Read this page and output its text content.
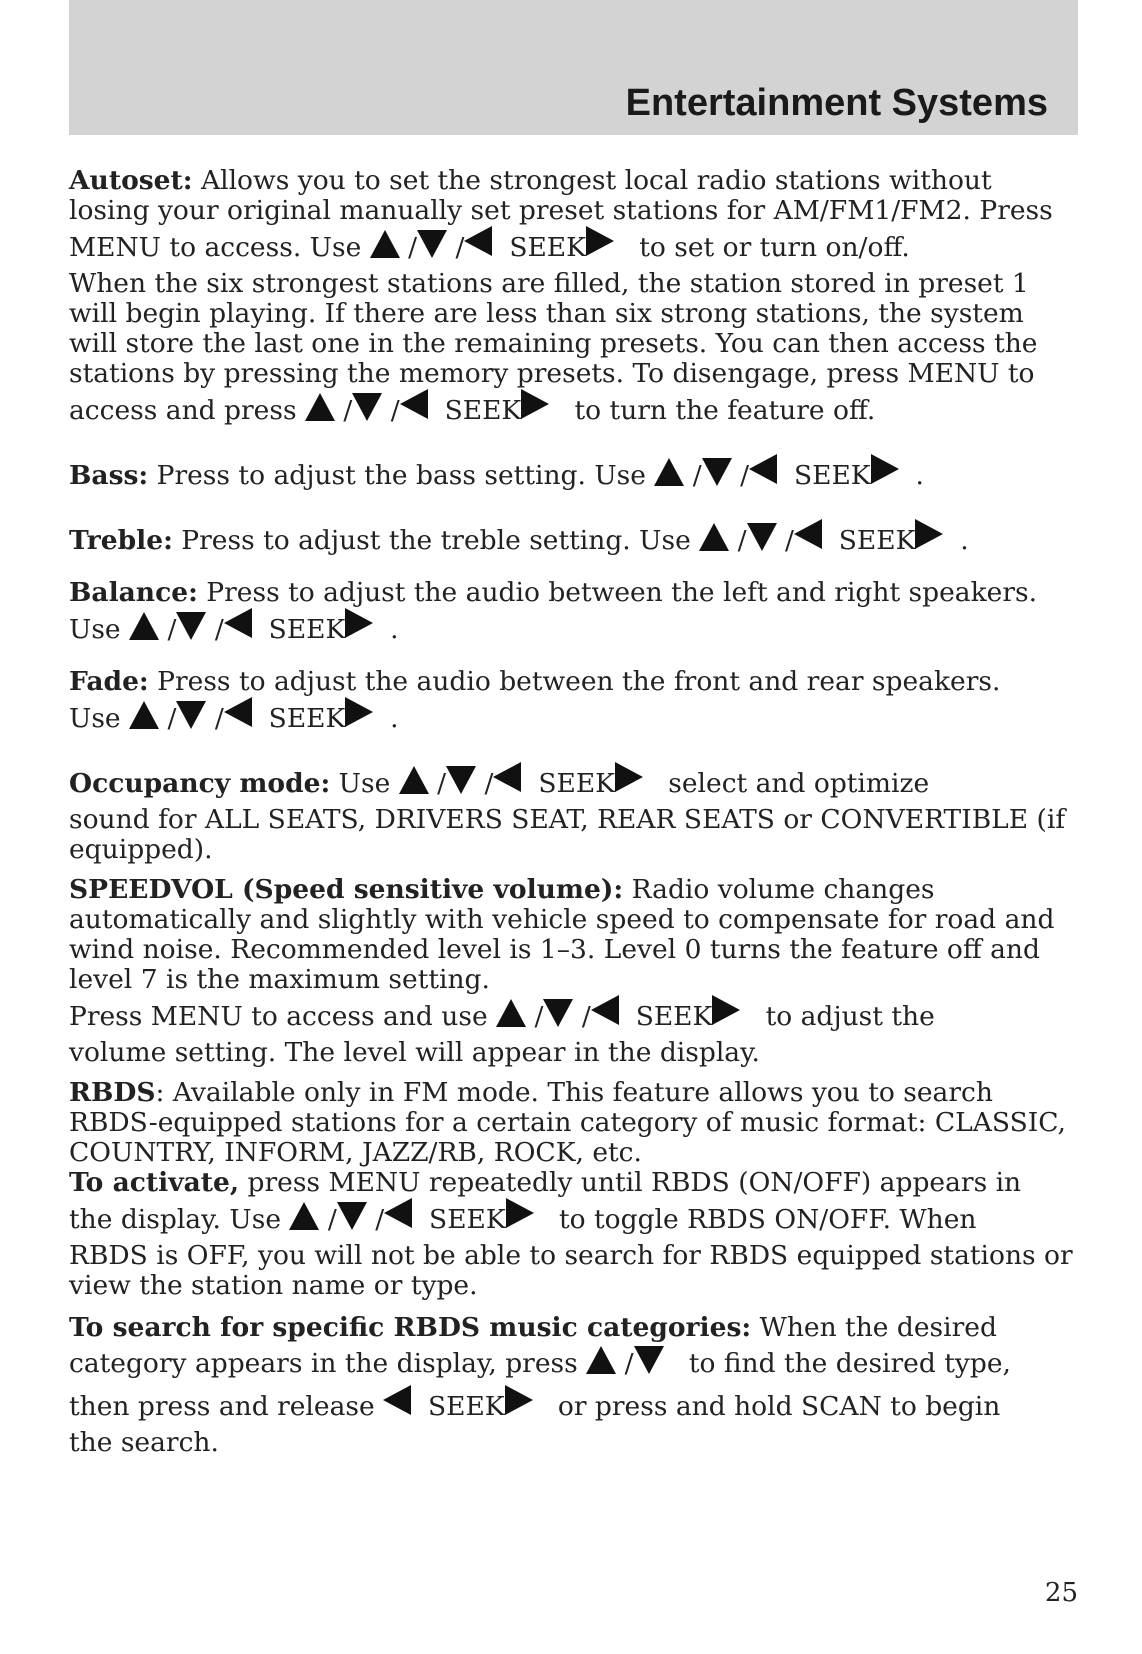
Entertainment Systems

Autoset: Allows you to set the strongest local radio stations without losing your original manually set preset stations for AM/FM1/FM2. Press

MENU to access. Use  / / SEEK   to set or turn on/off.

When the six strongest stations are filled, the station stored in preset 1 will begin playing. If there are less than six strong stations, the system will store the last one in the remaining presets. You can then access the stations by pressing the memory presets. To disengage, press MENU to

access and press  / / SEEK   to turn the feature off.

Bass: Press to adjust the bass setting. Use  / / SEEK .

Treble: Press to adjust the treble setting. Use  / / SEEK .

Balance: Press to adjust the audio between the left and right speakers.

Use / / SEEK .

Fade: Press to adjust the audio between the front and rear speakers.

Use / / SEEK .

Occupancy mode: Use  / / SEEK   select and optimize

sound for ALL SEATS, DRIVERS SEAT, REAR SEATS or CONVERTIBLE (if equipped).

SPEEDVOL (Speed sensitive volume): Radio volume changes automatically and slightly with vehicle speed to compensate for road and wind noise. Recommended level is 1–3. Level 0 turns the feature off and level 7 is the maximum setting.

Press MENU to access and use  / / SEEK   to adjust the

volume setting. The level will appear in the display.

RBDS: Available only in FM mode. This feature allows you to search RBDS-equipped stations for a certain category of music format: CLASSIC, COUNTRY, INFORM, JAZZ/RB, ROCK, etc.

To activate, press MENU repeatedly until RBDS (ON/OFF) appears in

the display. Use  / / SEEK   to toggle RBDS ON/OFF. When

RBDS is OFF, you will not be able to search for RBDS equipped stations or view the station name or type.

To search for specific RBDS music categories: When the desired

category appears in the display, press  /   to find the desired type,

then press and release   SEEK   or press and hold SCAN to begin

the search.

25
